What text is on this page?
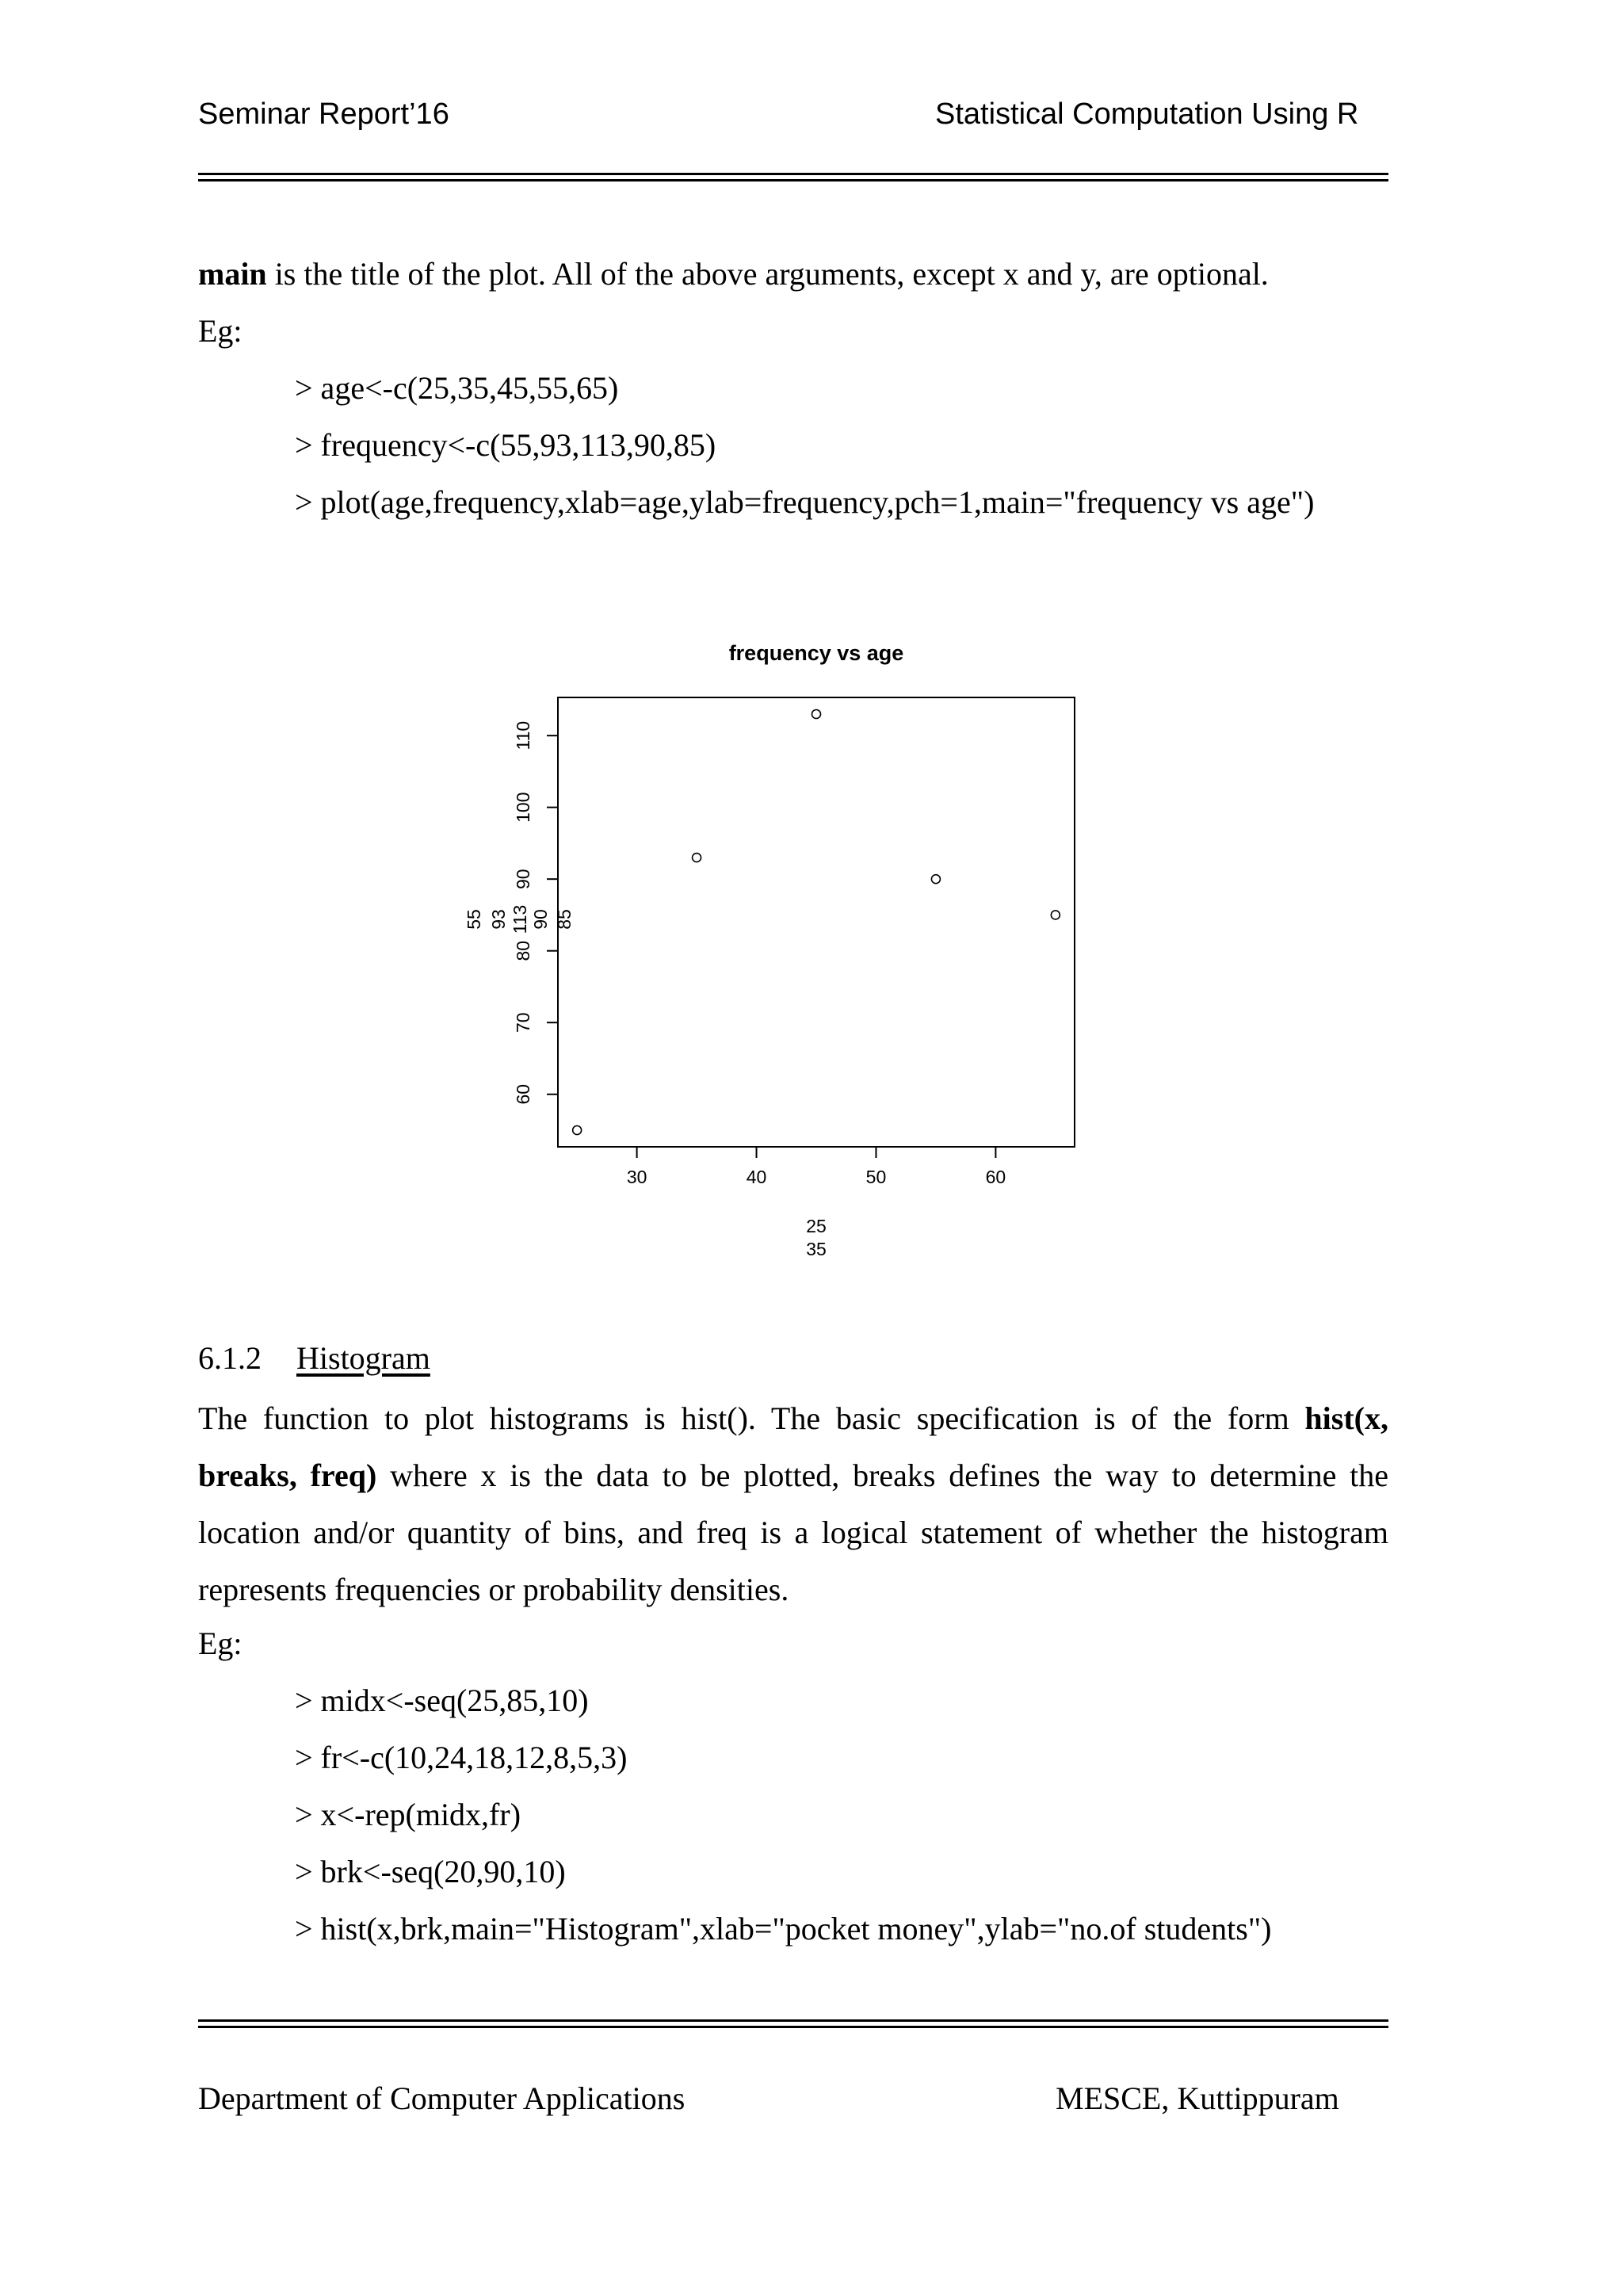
Seminar Report’16	Statistical Computation Using R
main is the title of the plot. All of the above arguments, except x and y, are optional.
Eg:
> age<-c(25,35,45,55,65)
> frequency<-c(55,93,113,90,85)
> plot(age,frequency,xlab=age,ylab=frequency,pch=1,main="frequency vs age")
frequency vs age
30	40	50	60
60
70
80
90
100
110
55 93 113 90 85
25
35
6.1.2 Histogram
The function to plot histograms is hist(). The basic specification is of the form hist(x,
breaks, freq) where x is the data to be plotted, breaks defines the way to determine the
location and/or quantity of bins, and freq is a logical statement of whether the histogram
represents frequencies or probability densities.
Eg:
> midx<-seq(25,85,10)
> fr<-c(10,24,18,12,8,5,3)
> x<-rep(midx,fr)
> brk<-seq(20,90,10)
> hist(x,brk,main="Histogram",xlab="pocket money",ylab="no.of students")
Department of Computer Applications	MESCE, Kuttippuram
